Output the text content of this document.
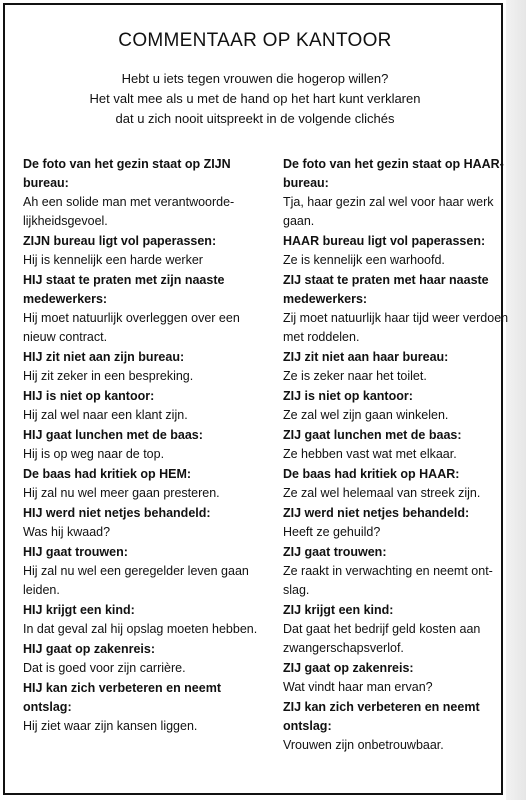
COMMENTAAR OP KANTOOR
Hebt u iets tegen vrouwen die hogerop willen?
Het valt mee als u met de hand op het hart kunt verklaren
dat u zich nooit uitspreekt in de volgende clichés
De foto van het gezin staat op ZIJN bureau:
Ah een solide man met verantwoorde-lijkheidsgevoel.
ZIJN bureau ligt vol paperassen:
Hij is kennelijk een harde werker
HIJ staat te praten met zijn naaste medewerkers:
Hij moet natuurlijk overleggen over een nieuw contract.
HIJ zit niet aan zijn bureau:
Hij zit zeker in een bespreking.
HIJ is niet op kantoor:
Hij zal wel naar een klant zijn.
HIJ gaat lunchen met de baas:
Hij is op weg naar de top.
De baas had kritiek op HEM:
Hij zal nu wel meer gaan presteren.
HIJ werd niet netjes behandeld:
Was hij kwaad?
HIJ gaat trouwen:
Hij zal nu wel een geregelder leven gaan leiden.
HIJ krijgt een kind:
In dat geval zal hij opslag moeten hebben.
HIJ gaat op zakenreis:
Dat is goed voor zijn carrière.
HIJ kan zich verbeteren en neemt ontslag:
Hij ziet waar zijn kansen liggen.
De foto van het gezin staat op HAAR-bureau:
Tja, haar gezin zal wel voor haar werk gaan.
HAAR bureau ligt vol paperassen:
Ze is kennelijk een warhoofd.
ZIJ staat te praten met haar naaste medewerkers:
Zij moet natuurlijk haar tijd weer verdoen met roddelen.
ZIJ zit niet aan haar bureau:
Ze is zeker naar het toilet.
ZIJ is niet op kantoor:
Ze zal wel zijn gaan winkelen.
ZIJ gaat lunchen met de baas:
Ze hebben vast wat met elkaar.
De baas had kritiek op HAAR:
Ze zal wel helemaal van streek zijn.
ZIJ werd niet netjes behandeld:
Heeft ze gehuild?
ZIJ gaat trouwen:
Ze raakt in verwachting en neemt ont-slag.
ZIJ krijgt een kind:
Dat gaat het bedrijf geld kosten aan zwangerschapsverlof.
ZIJ gaat op zakenreis:
Wat vindt haar man ervan?
ZIJ kan zich verbeteren en neemt ontslag:
Vrouwen zijn onbetrouwbaar.
